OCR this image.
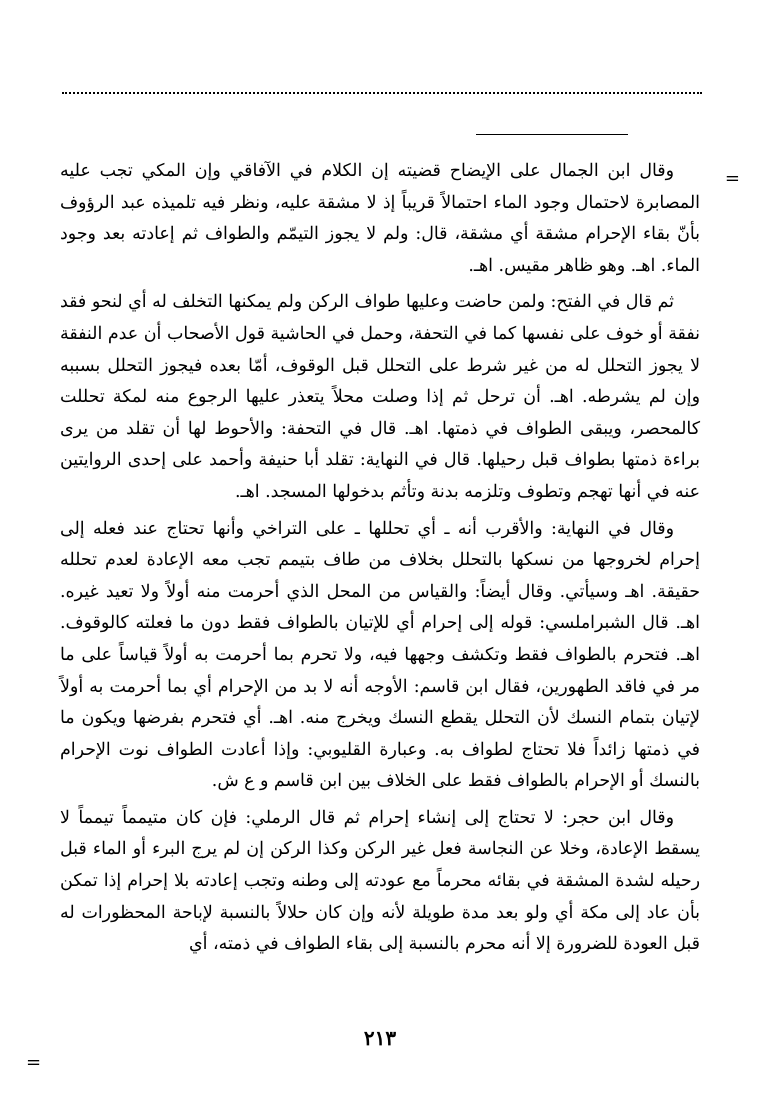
=

وقال ابن الجمال على الإيضاح قضيته إن الكلام في الآفاقي وإن المكي تجب عليه المصابرة لاحتمال وجود الماء احتمالاً قريباً إذ لا مشقة عليه، ونظر فيه تلميذه عبد الرؤوف بأنّ بقاء الإحرام مشقة أي مشقة، قال: ولم لا يجوز التيمّم والطواف ثم إعادته بعد وجود الماء. اهـ. وهو ظاهر مقيس. اهـ.

ثم قال في الفتح: ولمن حاضت وعليها طواف الركن ولم يمكنها التخلف له أي لنحو فقد نفقة أو خوف على نفسها كما في التحفة، وحمل في الحاشية قول الأصحاب أن عدم النفقة لا يجوز التحلل له من غير شرط على التحلل قبل الوقوف، أمّا بعده فيجوز التحلل بسببه وإن لم يشرطه. اهـ. أن ترحل ثم إذا وصلت محلاً يتعذر عليها الرجوع منه لمكة تحللت كالمحصر، ويبقى الطواف في ذمتها. اهـ. قال في التحفة: والأحوط لها أن تقلد من يرى براءة ذمتها بطواف قبل رحيلها. قال في النهاية: تقلد أبا حنيفة وأحمد على إحدى الروايتين عنه في أنها تهجم وتطوف وتلزمه بدنة وتأثم بدخولها المسجد. اهـ.

وقال في النهاية: والأقرب أنه ـ أي تحللها ـ على التراخي وأنها تحتاج عند فعله إلى إحرام لخروجها من نسكها بالتحلل بخلاف من طاف بتيمم تجب معه الإعادة لعدم تحلله حقيقة. اهـ وسيأتي. وقال أيضاً: والقياس من المحل الذي أحرمت منه أولاً ولا تعيد غيره. اهـ. قال الشبراملسي: قوله إلى إحرام أي للإتيان بالطواف فقط دون ما فعلته كالوقوف. اهـ. فتحرم بالطواف فقط وتكشف وجهها فيه، ولا تحرم بما أحرمت به أولاً قياساً على ما مر في فاقد الطهورين، فقال ابن قاسم: الأوجه أنه لا بد من الإحرام أي بما أحرمت به أولاً لإتيان بتمام النسك لأن التحلل يقطع النسك ويخرج منه. اهـ. أي فتحرم بفرضها ويكون ما في ذمتها زائداً فلا تحتاج لطواف به. وعبارة القليوبي: وإذا أعادت الطواف نوت الإحرام بالنسك أو الإحرام بالطواف فقط على الخلاف بين ابن قاسم و ع ش.

وقال ابن حجر: لا تحتاج إلى إنشاء إحرام ثم قال الرملي: فإن كان متيمماً تيمماً لا يسقط الإعادة، وخلا عن النجاسة فعل غير الركن وكذا الركن إن لم يرج البرء أو الماء قبل رحيله لشدة المشقة في بقائه محرماً مع عودته إلى وطنه وتجب إعادته بلا إحرام إذا تمكن بأن عاد إلى مكة أي ولو بعد مدة طويلة لأنه وإن كان حلالاً بالنسبة لإباحة المحظورات له قبل العودة للضرورة إلا أنه محرم بالنسبة إلى بقاء الطواف في ذمته، أي

=
٢١٣
